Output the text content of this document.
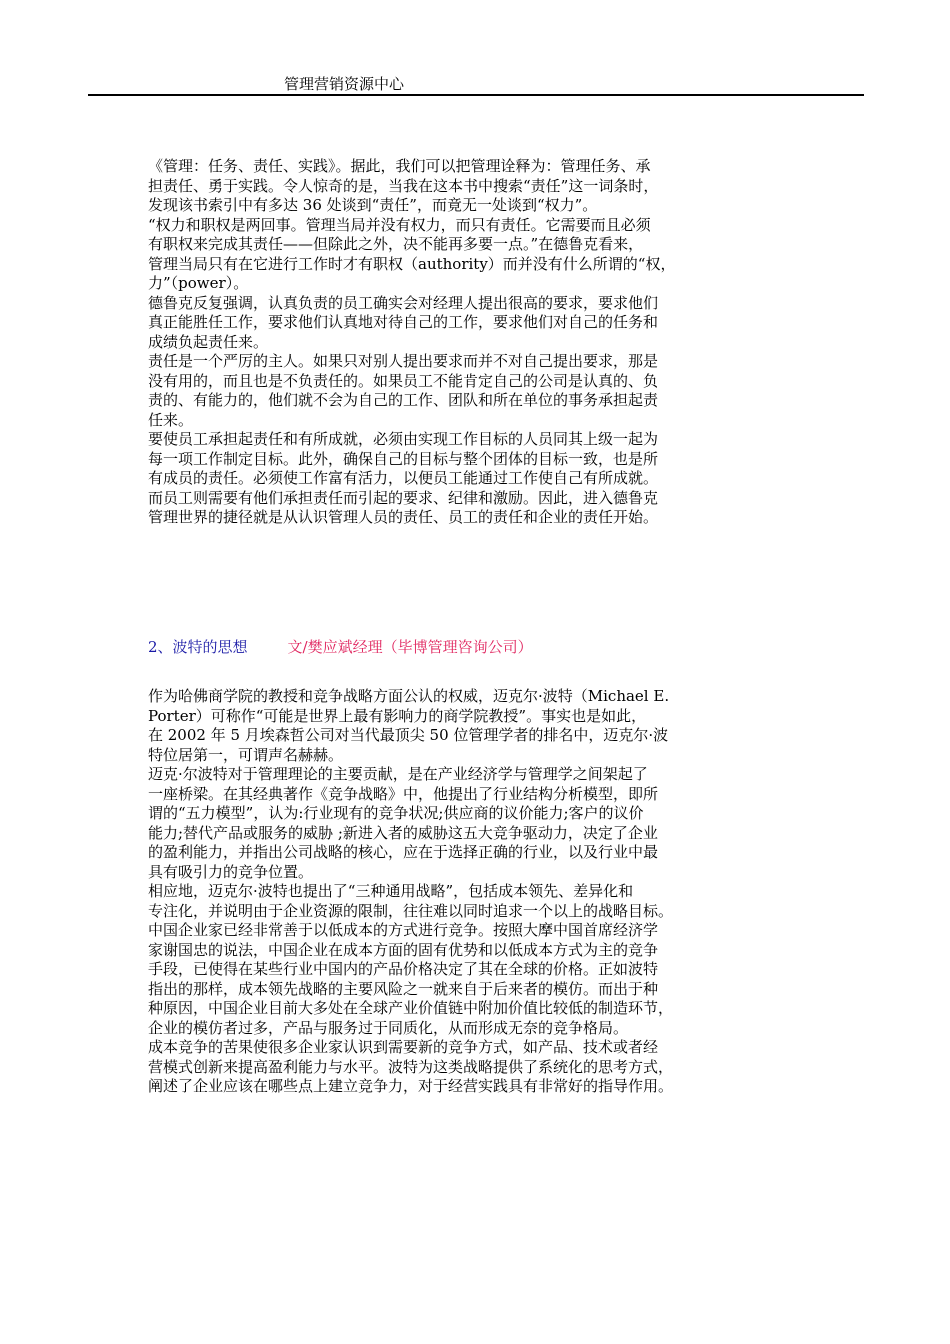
管理营销资源中心
《管理：任务、责任、实践》。据此，我们可以把管理诠释为：管理任务、承
担责任、勇于实践。令人惊奇的是，当我在这本书中搜索“责任”这一词条时，
发现该书索引中有多达 36 处谈到“责任”，而竟无一处谈到“权力”。
“权力和职权是两回事。管理当局并没有权力，而只有责任。它需要而且必须
有职权来完成其责任——但除此之外，决不能再多要一点。”在德鲁克看来，
管理当局只有在它进行工作时才有职权（authority）而并没有什么所谓的“权，
力”（power）。
德鲁克反复强调，认真负责的员工确实会对经理人提出很高的要求，要求他们
真正能胜任工作，要求他们认真地对待自己的工作，要求他们对自己的任务和
成绩负起责任来。
责任是一个严厉的主人。如果只对别人提出要求而并不对自己提出要求，那是
没有用的，而且也是不负责任的。如果员工不能肯定自己的公司是认真的、负
责的、有能力的，他们就不会为自己的工作、团队和所在单位的事务承担起责
任来。
要使员工承担起责任和有所成就，必须由实现工作目标的人员同其上级一起为
每一项工作制定目标。此外，确保自己的目标与整个团体的目标一致，也是所
有成员的责任。必须使工作富有活力，以便员工能通过工作使自己有所成就。
而员工则需要有他们承担责任而引起的要求、纪律和激励。因此，进入德鲁克
管理世界的捷径就是从认识管理人员的责任、员工的责任和企业的责任开始。
2、波特的思想	文/樊应斌经理（毕博管理咨询公司）
作为哈佛商学院的教授和竞争战略方面公认的权威，迈克尔·波特（Michael E.
Porter）可称作“可能是世界上最有影响力的商学院教授”。事实也是如此，
在 2002 年 5 月埃森哲公司对当代最顶尖 50 位管理学者的排名中，迈克尔·波
特位居第一，可谓声名赫赫。
迈克·尔波特对于管理理论的主要贡献，是在产业经济学与管理学之间架起了
一座桥梁。在其经典著作《竞争战略》中，他提出了行业结构分析模型，即所
谓的“五力模型”，认为:行业现有的竞争状况;供应商的议价能力;客户的议价
能力;替代产品或服务的威胁 ;新进入者的威胁这五大竞争驱动力，决定了企业
的盈利能力，并指出公司战略的核心，应在于选择正确的行业，以及行业中最
具有吸引力的竞争位置。
相应地，迈克尔·波特也提出了“三种通用战略”，包括成本领先、差异化和
专注化，并说明由于企业资源的限制，往往难以同时追求一个以上的战略目标。
中国企业家已经非常善于以低成本的方式进行竞争。按照大摩中国首席经济学
家谢国忠的说法，中国企业在成本方面的固有优势和以低成本方式为主的竞争
手段，已使得在某些行业中国内的产品价格决定了其在全球的价格。正如波特
指出的那样，成本领先战略的主要风险之一就来自于后来者的模仿。而出于种
种原因，中国企业目前大多处在全球产业价值链中附加价值比较低的制造环节，
企业的模仿者过多，产品与服务过于同质化，从而形成无奈的竞争格局。
成本竞争的苦果使很多企业家认识到需要新的竞争方式，如产品、技术或者经
营模式创新来提高盈利能力与水平。波特为这类战略提供了系统化的思考方式，
阐述了企业应该在哪些点上建立竞争力，对于经营实践具有非常好的指导作用。
